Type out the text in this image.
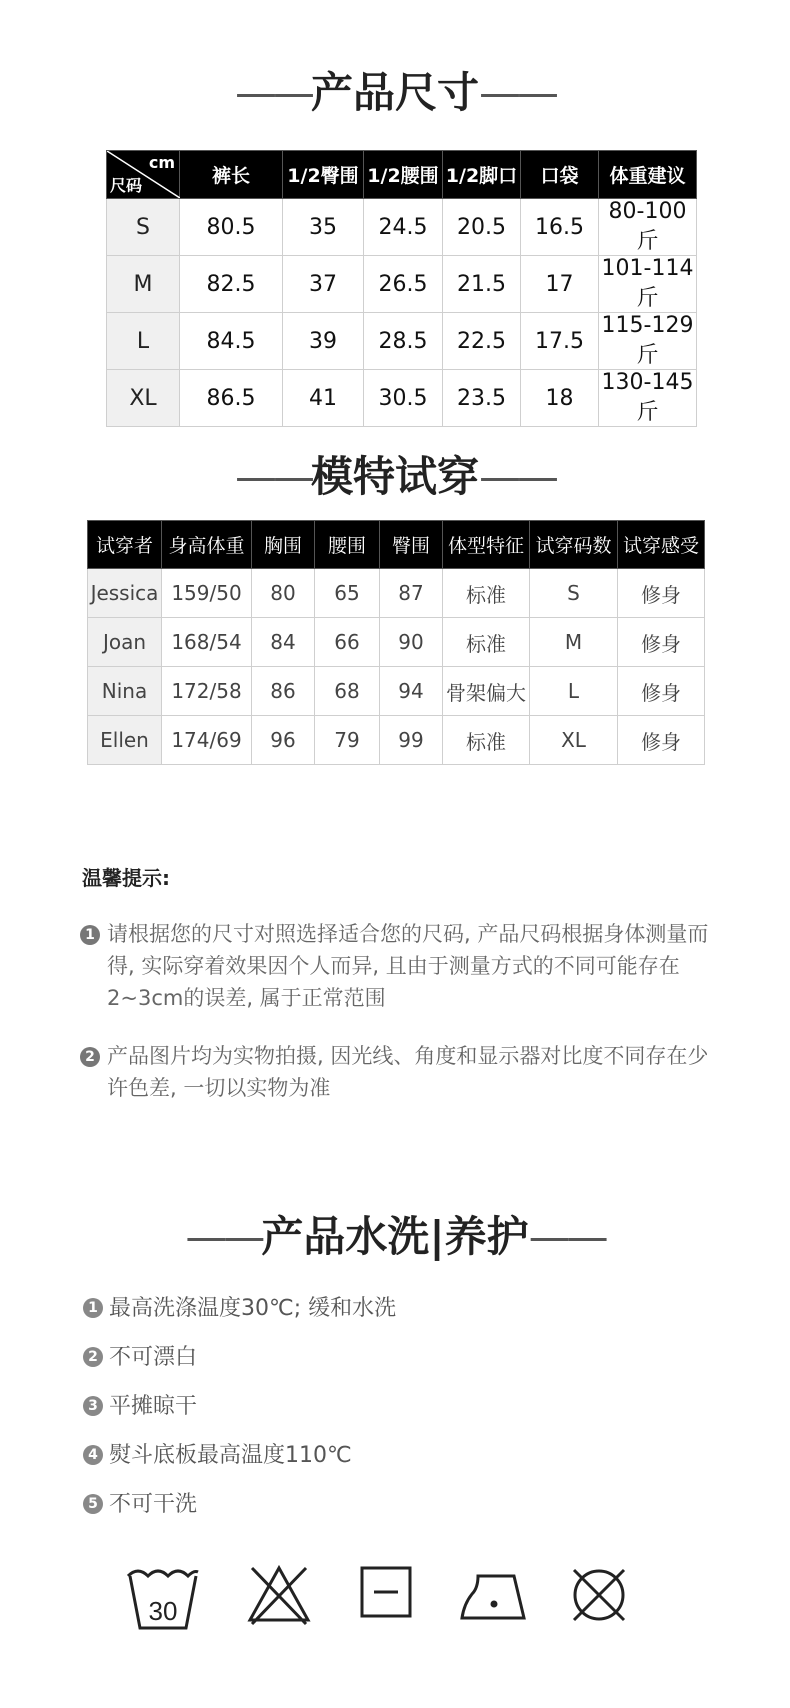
——产品尺寸——
cm
尺码	裤长	1/2臀围	1/2腰围	1/2脚口	口袋	体重建议
S	80.5	35	24.5	20.5	16.5	80-100斤
M	82.5	37	26.5	21.5	17	101-114斤
L	84.5	39	28.5	22.5	17.5	115-129斤
XL	86.5	41	30.5	23.5	18	130-145斤
——模特试穿——
试穿者	身高体重	胸围	腰围	臀围	体型特征	试穿码数	试穿感受
Jessica	159/50	80	65	87	标准	S	修身
Joan	168/54	84	66	90	标准	M	修身
Nina	172/58	86	68	94	骨架偏大	L	修身
Ellen	174/69	96	79	99	标准	XL	修身
温馨提示:
1 请根据您的尺寸对照选择适合您的尺码, 产品尺码根据身体测量而得, 实际穿着效果因个人而异, 且由于测量方式的不同可能存在2~3cm的误差, 属于正常范围
2 产品图片均为实物拍摄, 因光线、角度和显示器对比度不同存在少许色差, 一切以实物为准
——产品水洗|养护——
1 最高洗涤温度30℃; 缓和水洗
2 不可漂白
3 平摊晾干
4 熨斗底板最高温度110℃
5 不可干洗
30
